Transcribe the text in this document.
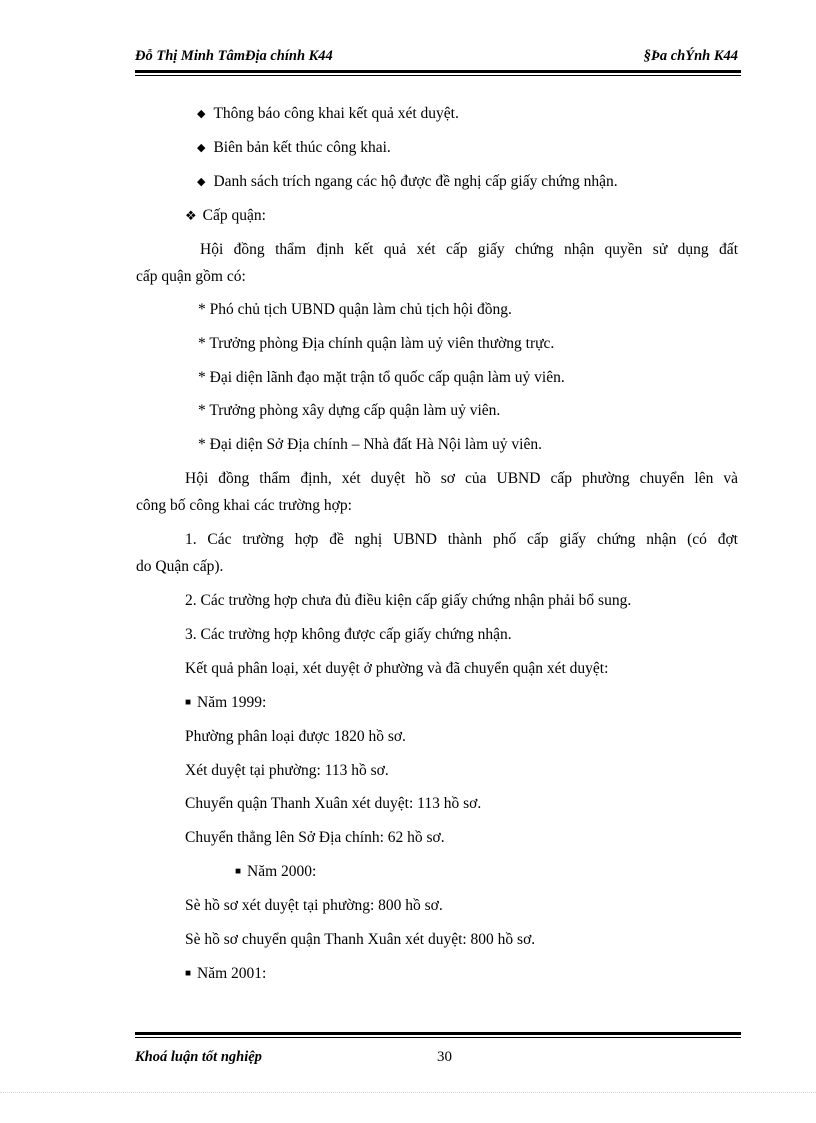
Đỗ Thị Minh TâmĐịa chính K44	§Þa chÝnh K44
◆ Thông báo công khai kết quả xét duyệt.
◆ Biên bản kết thúc công khai.
◆ Danh sách trích ngang các hộ được đề nghị cấp giấy chứng nhận.
❖ Cấp quận:
Hội đồng thẩm định kết quả xét cấp giấy chứng nhận quyền sử dụng đất
cấp quận gồm có:
* Phó chủ tịch UBND quận làm chủ tịch hội đồng.
* Trưởng phòng Địa chính quận làm uỷ viên thường trực.
* Đại diện lãnh đạo mặt trận tổ quốc cấp quận làm uỷ viên.
* Trưởng phòng xây dựng cấp quận làm uỷ viên.
* Đại diện Sở Địa chính – Nhà đất Hà Nội làm uỷ viên.
Hội đồng thẩm định, xét duyệt hồ sơ của UBND cấp phường chuyển lên và
công bố công khai các trường hợp:
1. Các trường hợp đề nghị UBND thành phố cấp giấy chứng nhận (có đợt
do Quận cấp).
2. Các trường hợp chưa đủ điều kiện cấp giấy chứng nhận phải bổ sung.
3. Các trường hợp không được cấp giấy chứng nhận.
Kết quả phân loại, xét duyệt ở phường và đã chuyển quận xét duyệt:
■ Năm 1999:
Phường phân loại được 1820 hồ sơ.
Xét duyệt tại phường: 113 hồ sơ.
Chuyển quận Thanh Xuân xét duyệt: 113 hồ sơ.
Chuyển thẳng lên Sở Địa chính: 62 hồ sơ.
■ Năm 2000:
Sè hồ sơ xét duyệt tại phường: 800 hồ sơ.
Sè hồ sơ chuyển quận Thanh Xuân xét duyệt: 800 hồ sơ.
■ Năm 2001:
Khoá luận tốt nghiệp	30
